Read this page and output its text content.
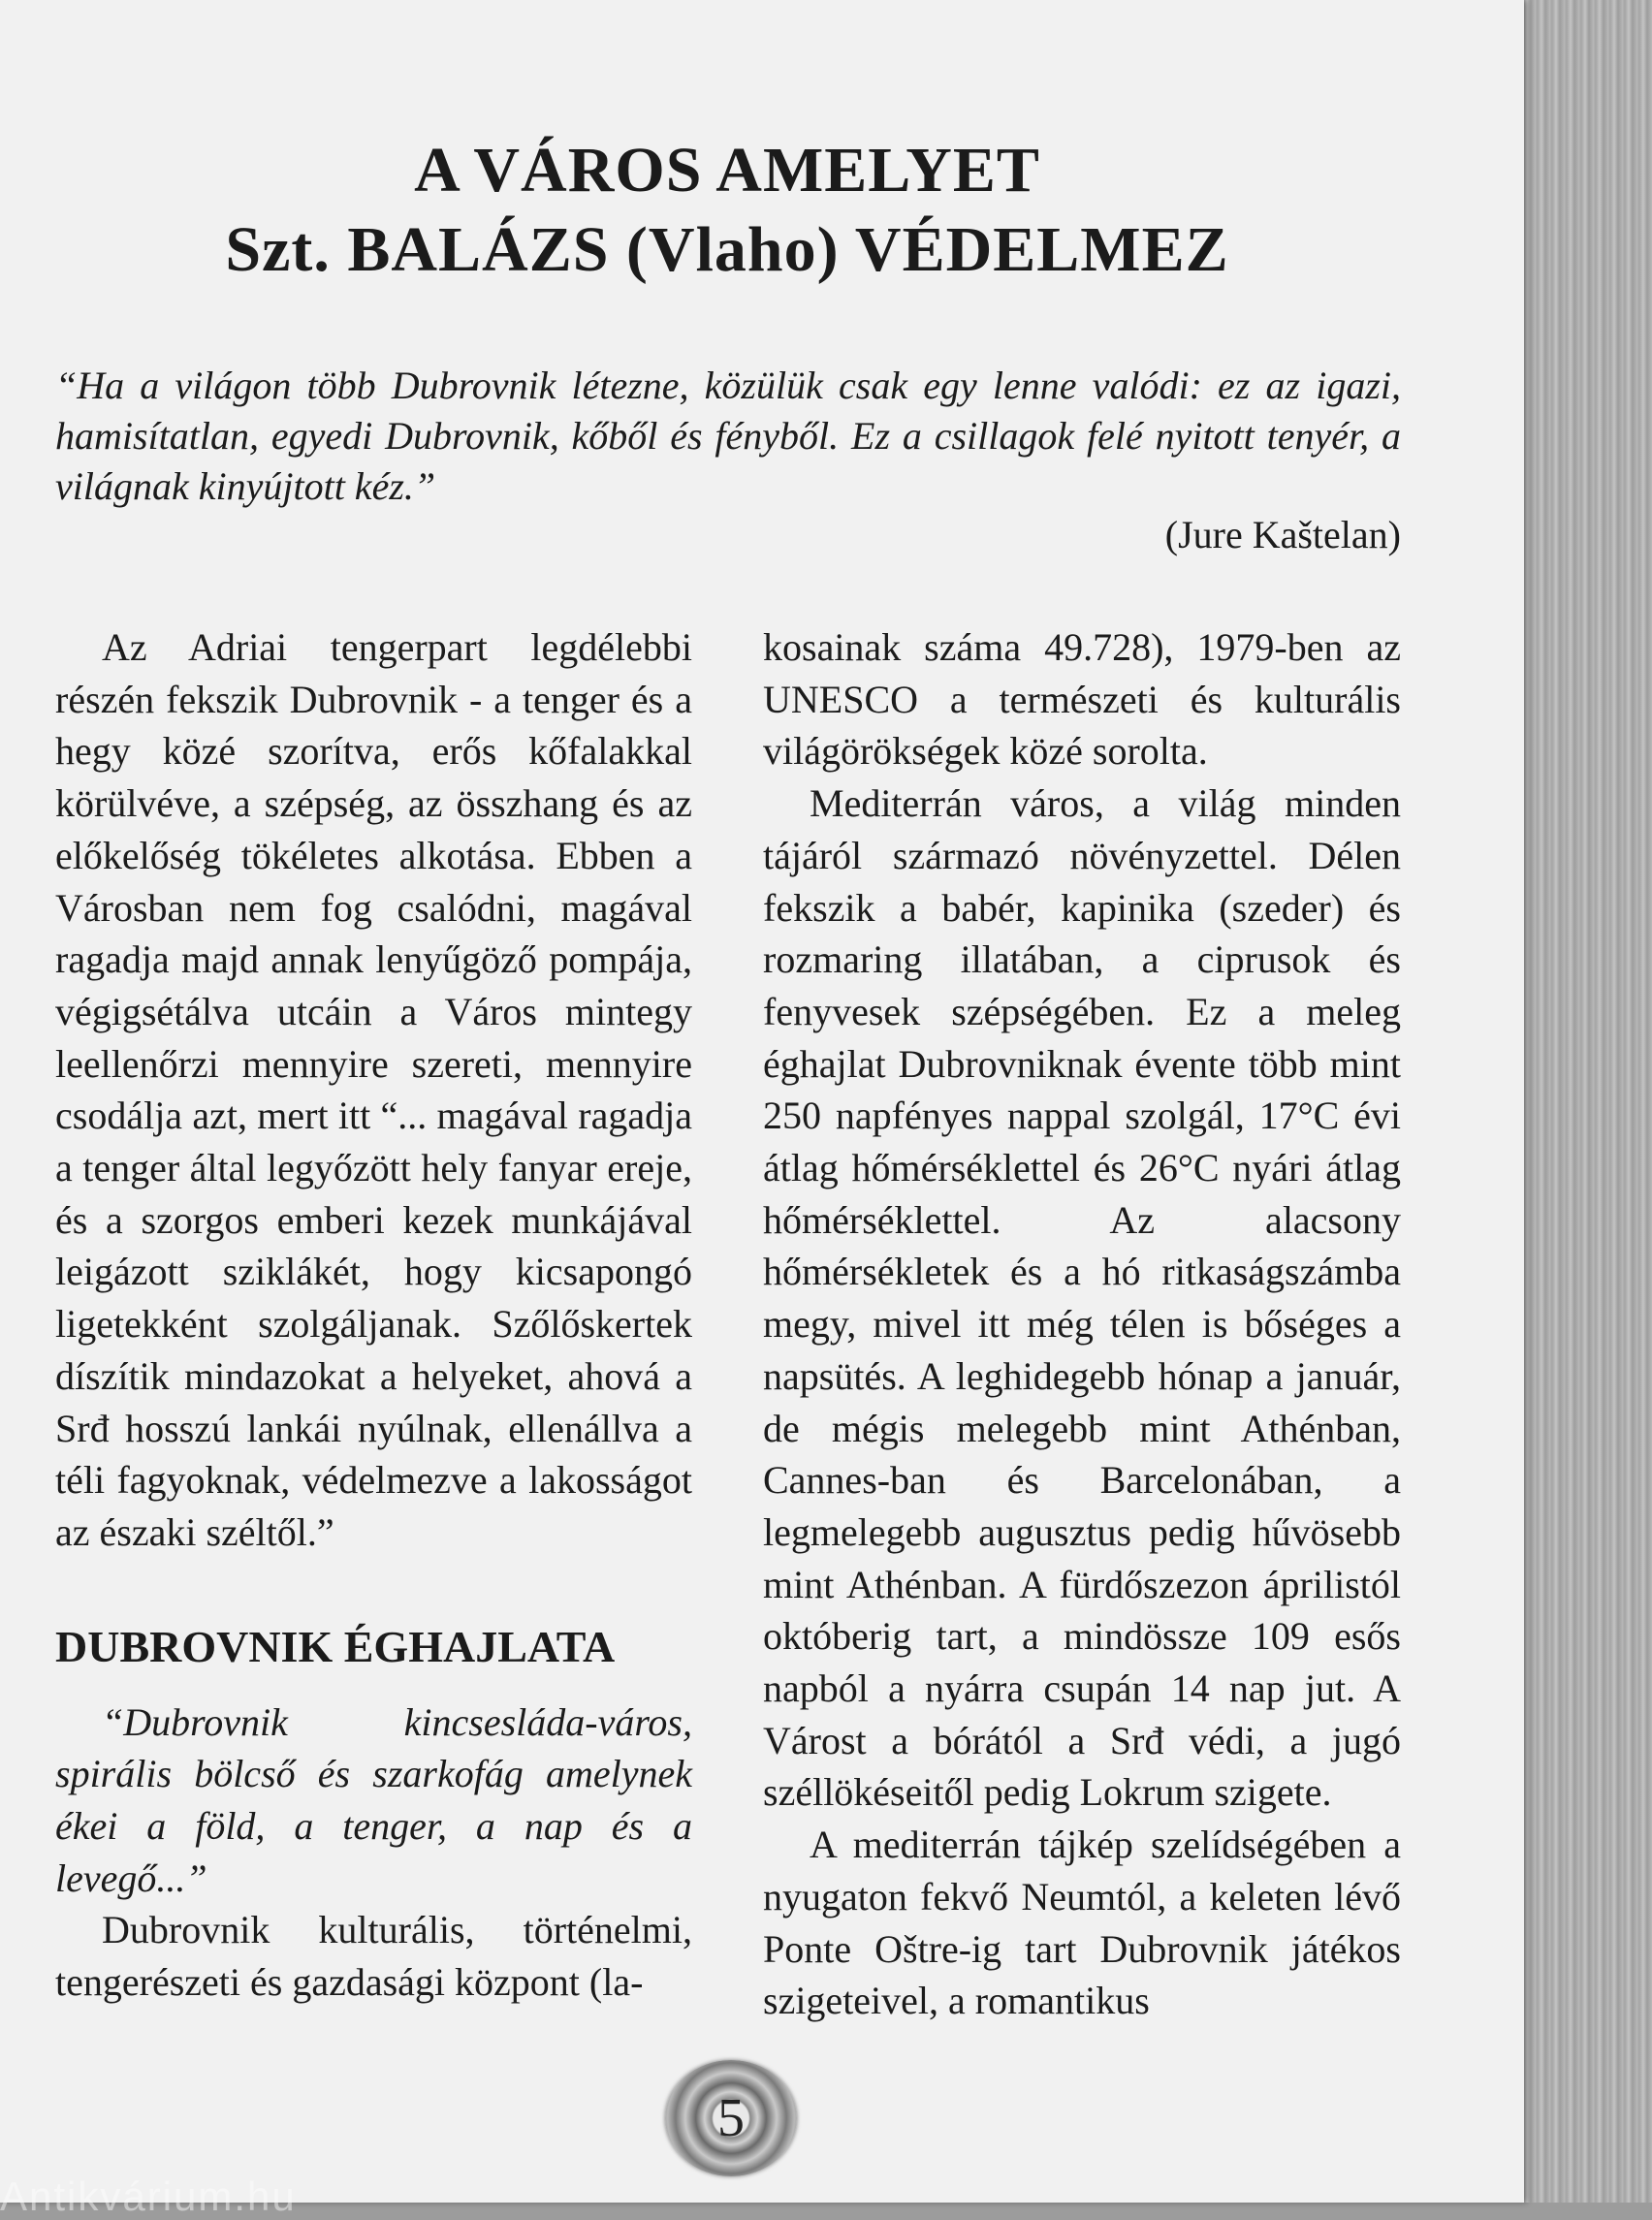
A VÁROS AMELYET
Szt. BALÁZS (Vlaho) VÉDELMEZ
“Ha a világon több Dubrovnik létezne, közülük csak egy lenne valódi: ez az igazi, hamisítatlan, egyedi Dubrovnik, kőből és fényből. Ez a csillagok felé nyitott tenyér, a világnak kinyújtott kéz.”
(Jure Kaštelan)

Az Adriai tengerpart legdélebbi részén fekszik Dubrovnik - a tenger és a hegy közé szorítva, erős kőfalakkal körülvéve, a szépség, az összhang és az előkelőség tökéletes alkotása. Ebben a Városban nem fog csalódni, magával ragadja majd annak lenyűgöző pompája, végigsétálva utcáin a Város mintegy leellenőrzi mennyire szereti, mennyire csodálja azt, mert itt “... magával ragadja a tenger által legyőzött hely fanyar ereje, és a szorgos emberi kezek munkájával leigázott sziklákét, hogy kicsapongó ligetekként szolgáljanak. Szőlőskertek díszítik mindazokat a helyeket, ahová a Srđ hosszú lankái nyúlnak, ellenállva a téli fagyoknak, védelmezve a lakosságot az északi széltől.”

DUBROVNIK ÉGHAJLATA

“Dubrovnik kincsesláda-város, spirális bölcső és szarkofág amelynek ékei a föld, a tenger, a nap és a levegő...”

Dubrovnik kulturális, történelmi, tengerészeti és gazdasági központ (la-

kosainak száma 49.728), 1979-ben az UNESCO a természeti és kulturális világörökségek közé sorolta.

Mediterrán város, a világ minden tájáról származó növényzettel. Délen fekszik a babér, kapinika (szeder) és rozmaring illatában, a ciprusok és fenyvesek szépségében. Ez a meleg éghajlat Dubrovniknak évente több mint 250 napfényes nappal szolgál, 17°C évi átlag hőmérséklettel és 26°C nyári átlag hőmérséklettel. Az alacsony hőmérsékletek és a hó ritkaságszámba megy, mivel itt még télen is bőséges a napsütés. A leghidegebb hónap a január, de mégis melegebb mint Athénban, Cannes-ban és Barcelonában, a legmelegebb augusztus pedig hűvösebb mint Athénban. A fürdőszezon áprilistól októberig tart, a mindössze 109 esős napból a nyárra csupán 14 nap jut. A Várost a bórától a Srđ védi, a jugó széllökéseitől pedig Lokrum szigete.

A mediterrán tájkép szelídségében a nyugaton fekvő Neumtól, a keleten lévő Ponte Oštre-ig tart Dubrovnik játékos szigeteivel, a romantikus

5
Antikvárium.hu
